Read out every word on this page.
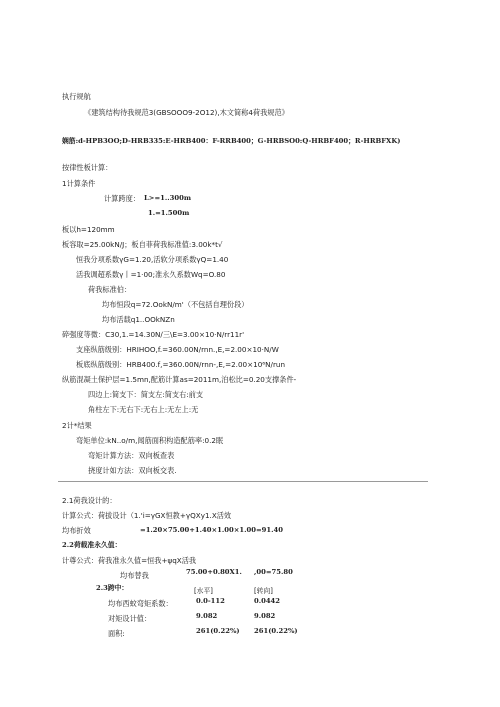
执行规航
《建筑结构待我规范3(GBSOOO9-2O12),木文简称4荷我规范》
娴筋:d-HPB3OO;D-HRB335:E-HRB400：F-RRB400；G-HRBSO0:Q-HRBF400；R-HRBFXK)
按律性板计算：
1计算条件
计算跨度： L>=1..300m
1.=1.500m
板以h=120mm
板容取=25.00kN/J；板自菲荷我标准值:3.00k*t√
恒我分项系数γG=1.20,活软分项系数γQ=1.40
活我调超系数γ丨=1·00;准永久系数Wq=O.80
荷我标准伯：
均布恒段q=72.OokN/m'（不包括自理份段）
均布活载q1..OOkNZn
碎强度等微：C30,1.=14.30N∕三\E=3.00×10·N/rr11r'
支座纵筋级别：HRIHOO,f.=360.00N/rnn.,E,=2.00×10·N/W
板底纵筋级别：HRB400.f,=360.00N/rnn-,E,=2.00×10⁶N/run
纵筋混凝土保护层=1.5mn,配筋计算as=2011m,泊松比=0.20支撑条件-
四边上:简支下：简支左:简支右:前支
角柱左下:无右下:无右上:无左上:无
2计*结果
弯矩单位:kN..o/m,闻筋面积构造配筋率:0.2眠
弯矩计算方法：双向板查表
挠度计如方法：双向板交表.
2.1荷我设计的：
计算公式：荷拔设计（1.'i=γGX恒教+γQXy1.X活效
均布折效	=1.20×75.00+1.40×1.00×1.00=91.40
2.2荷载准永久值：
计尊公式：荷我准永久值=恒我+ψqX活我
均布替我	75.00+0.80X1. ,00=75.80
2.3跨中：	[水平]	[转向]
均布西蚊弯矩系数：	0.0-112	0.0442
对矩设计值：	9.082	9.082
面积:	261(0.22%) 261(0.22%)
